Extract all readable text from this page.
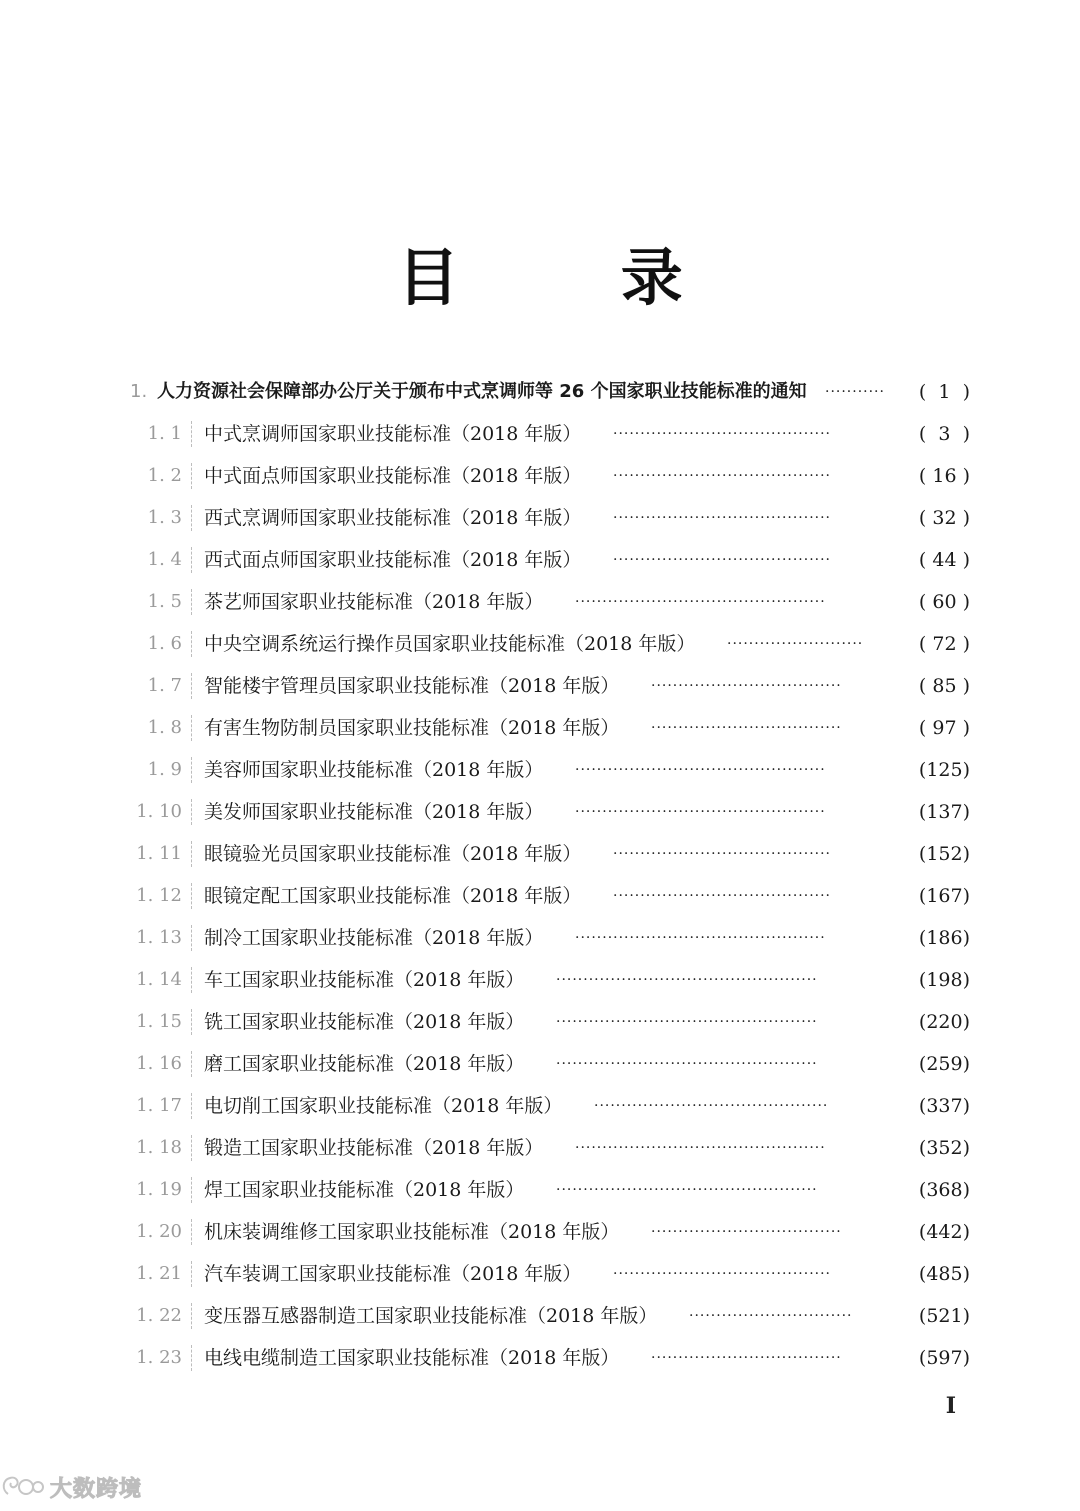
目 录
1. 人力资源社会保障部办公厅关于颁布中式烹调师等 26 个国家职业技能标准的通知 ···········	(  1  )
1. 1 中式烹调师国家职业技能标准（2018 年版） ········································	(  3  )
1. 2 中式面点师国家职业技能标准（2018 年版） ········································	( 16 )
1. 3 西式烹调师国家职业技能标准（2018 年版） ········································	( 32 )
1. 4 西式面点师国家职业技能标准（2018 年版） ········································	( 44 )
1. 5 茶艺师国家职业技能标准（2018 年版） ··············································	( 60 )
1. 6 中央空调系统运行操作员国家职业技能标准（2018 年版） ·························	( 72 )
1. 7 智能楼宇管理员国家职业技能标准（2018 年版） ···································	( 85 )
1. 8 有害生物防制员国家职业技能标准（2018 年版） ···································	( 97 )
1. 9 美容师国家职业技能标准（2018 年版） ··············································	(125)
1. 10 美发师国家职业技能标准（2018 年版） ··············································	(137)
1. 11 眼镜验光员国家职业技能标准（2018 年版） ········································	(152)
1. 12 眼镜定配工国家职业技能标准（2018 年版） ········································	(167)
1. 13 制冷工国家职业技能标准（2018 年版） ··············································	(186)
1. 14 车工国家职业技能标准（2018 年版） ················································	(198)
1. 15 铣工国家职业技能标准（2018 年版） ················································	(220)
1. 16 磨工国家职业技能标准（2018 年版） ················································	(259)
1. 17 电切削工国家职业技能标准（2018 年版） ···········································	(337)
1. 18 锻造工国家职业技能标准（2018 年版） ··············································	(352)
1. 19 焊工国家职业技能标准（2018 年版） ················································	(368)
1. 20 机床装调维修工国家职业技能标准（2018 年版） ···································	(442)
1. 21 汽车装调工国家职业技能标准（2018 年版） ········································	(485)
1. 22 变压器互感器制造工国家职业技能标准（2018 年版） ······························	(521)
1. 23 电线电缆制造工国家职业技能标准（2018 年版） ···································	(597)
I
大数跨境
